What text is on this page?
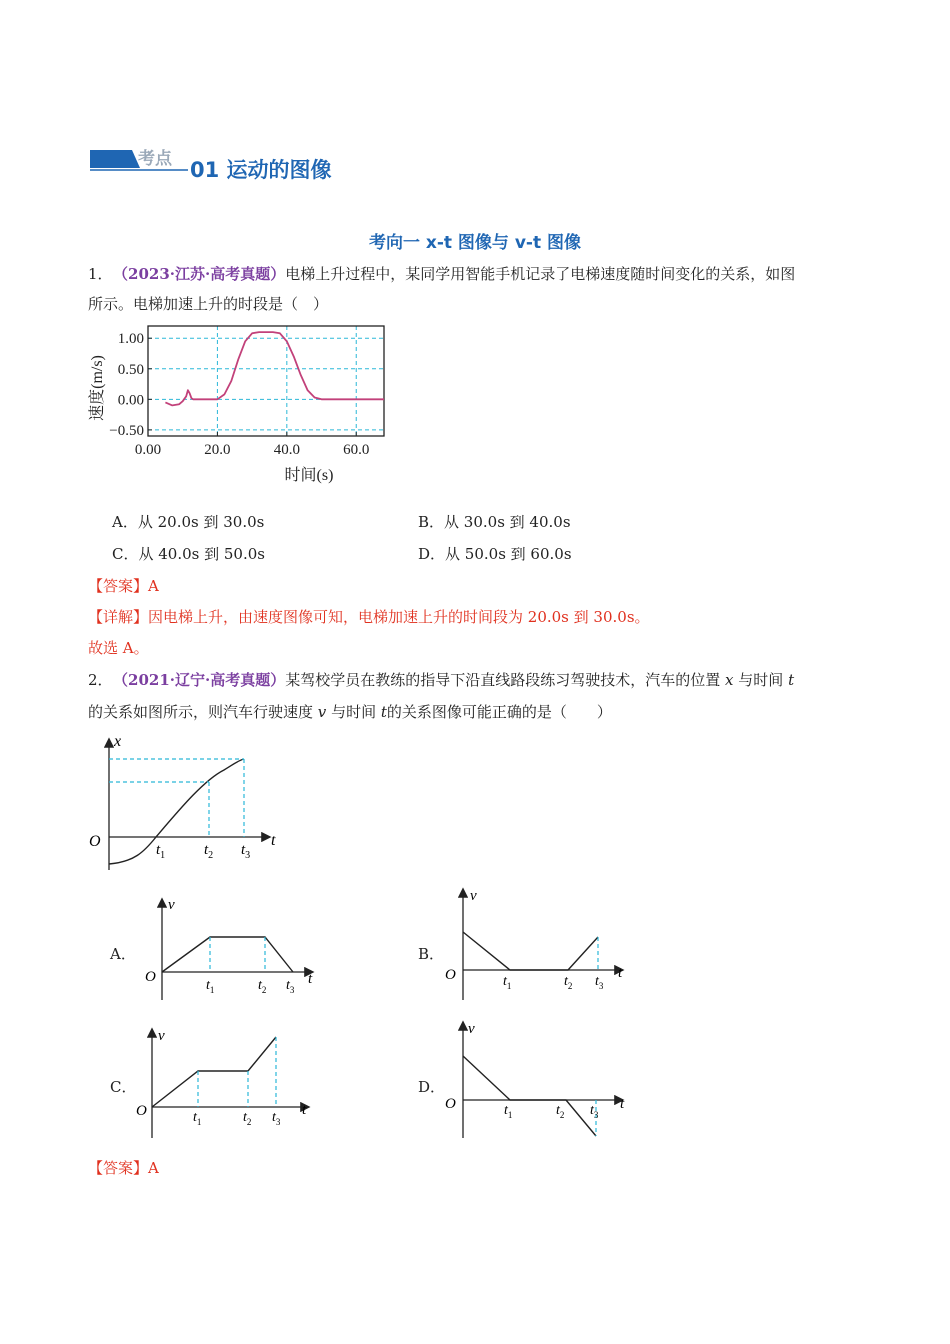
考点 01 运动的图像
考向一 x-t 图像与 v-t 图像
1． （2023·江苏·高考真题）电梯上升过程中，某同学用智能手机记录了电梯速度随时间变化的关系，如图
所示。电梯加速上升的时段是（　）
0.00	20.0	40.0	60.0
1.00
0.50
0.00
−0.50
时间(s)
速度(m/s)
A．从 20.0s 到 30.0s	B．从 30.0s 到 40.0s
C．从 40.0s 到 50.0s	D．从 50.0s 到 60.0s
【答案】A
【详解】因电梯上升，由速度图像可知，电梯加速上升的时间段为 20.0s 到 30.0s。
故选 A。
2． （2021·辽宁·高考真题）某驾校学员在教练的指导下沿直线路段练习驾驶技术，汽车的位置 x 与时间 t
的关系如图所示，则汽车行驶速度 v 与时间 t的关系图像可能正确的是（　　）
x
t
O	$t_1$	$t_2$ $t_3$
A．
v
t
O
$t_1$	$t_2$ $t_3$
B．
v
t
O	$t_1$	$t_2$ $t_3$
C．
v
t
O	$t_1$	$t_2$ $t_3$
D．
v
t
O	$t_1$	$t_2$ $t_3$
【答案】A
